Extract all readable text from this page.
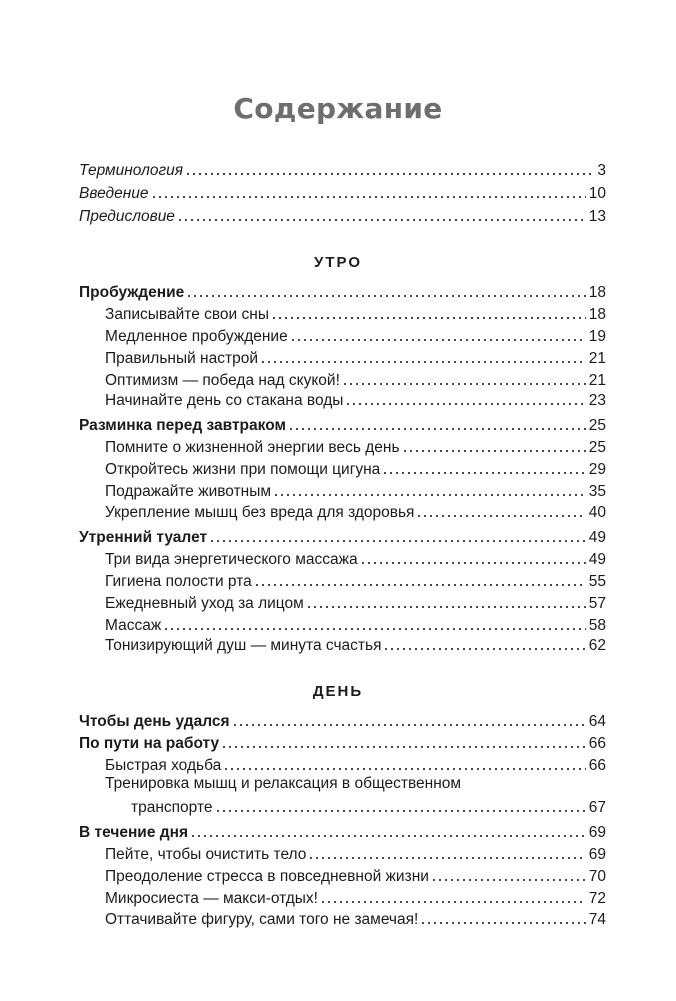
Содержание
Терминология	3
Введение	10
Предисловие	13
УТРО
Пробуждение	18
Записывайте свои сны	18
Медленное пробуждение	19
Правильный настрой	21
Оптимизм — победа над скукой!	21
Начинайте день со стакана воды	23
Разминка перед завтраком	25
Помните о жизненной энергии весь день	25
Откройтесь жизни при помощи цигуна	29
Подражайте животным	35
Укрепление мышц без вреда для здоровья	40
Утренний туалет	49
Три вида энергетического массажа	49
Гигиена полости рта	55
Ежедневный уход за лицом	57
Массаж	58
Тонизирующий душ — минута счастья	62
ДЕНЬ
Чтобы день удался	64
По пути на работу	66
Быстрая ходьба	66
Тренировка мышц и релаксация в общественном
транспорте	67
В течение дня	69
Пейте, чтобы очистить тело	69
Преодоление стресса в повседневной жизни	70
Микросиеста — макси-отдых!	72
Оттачивайте фигуру, сами того не замечая!	74
